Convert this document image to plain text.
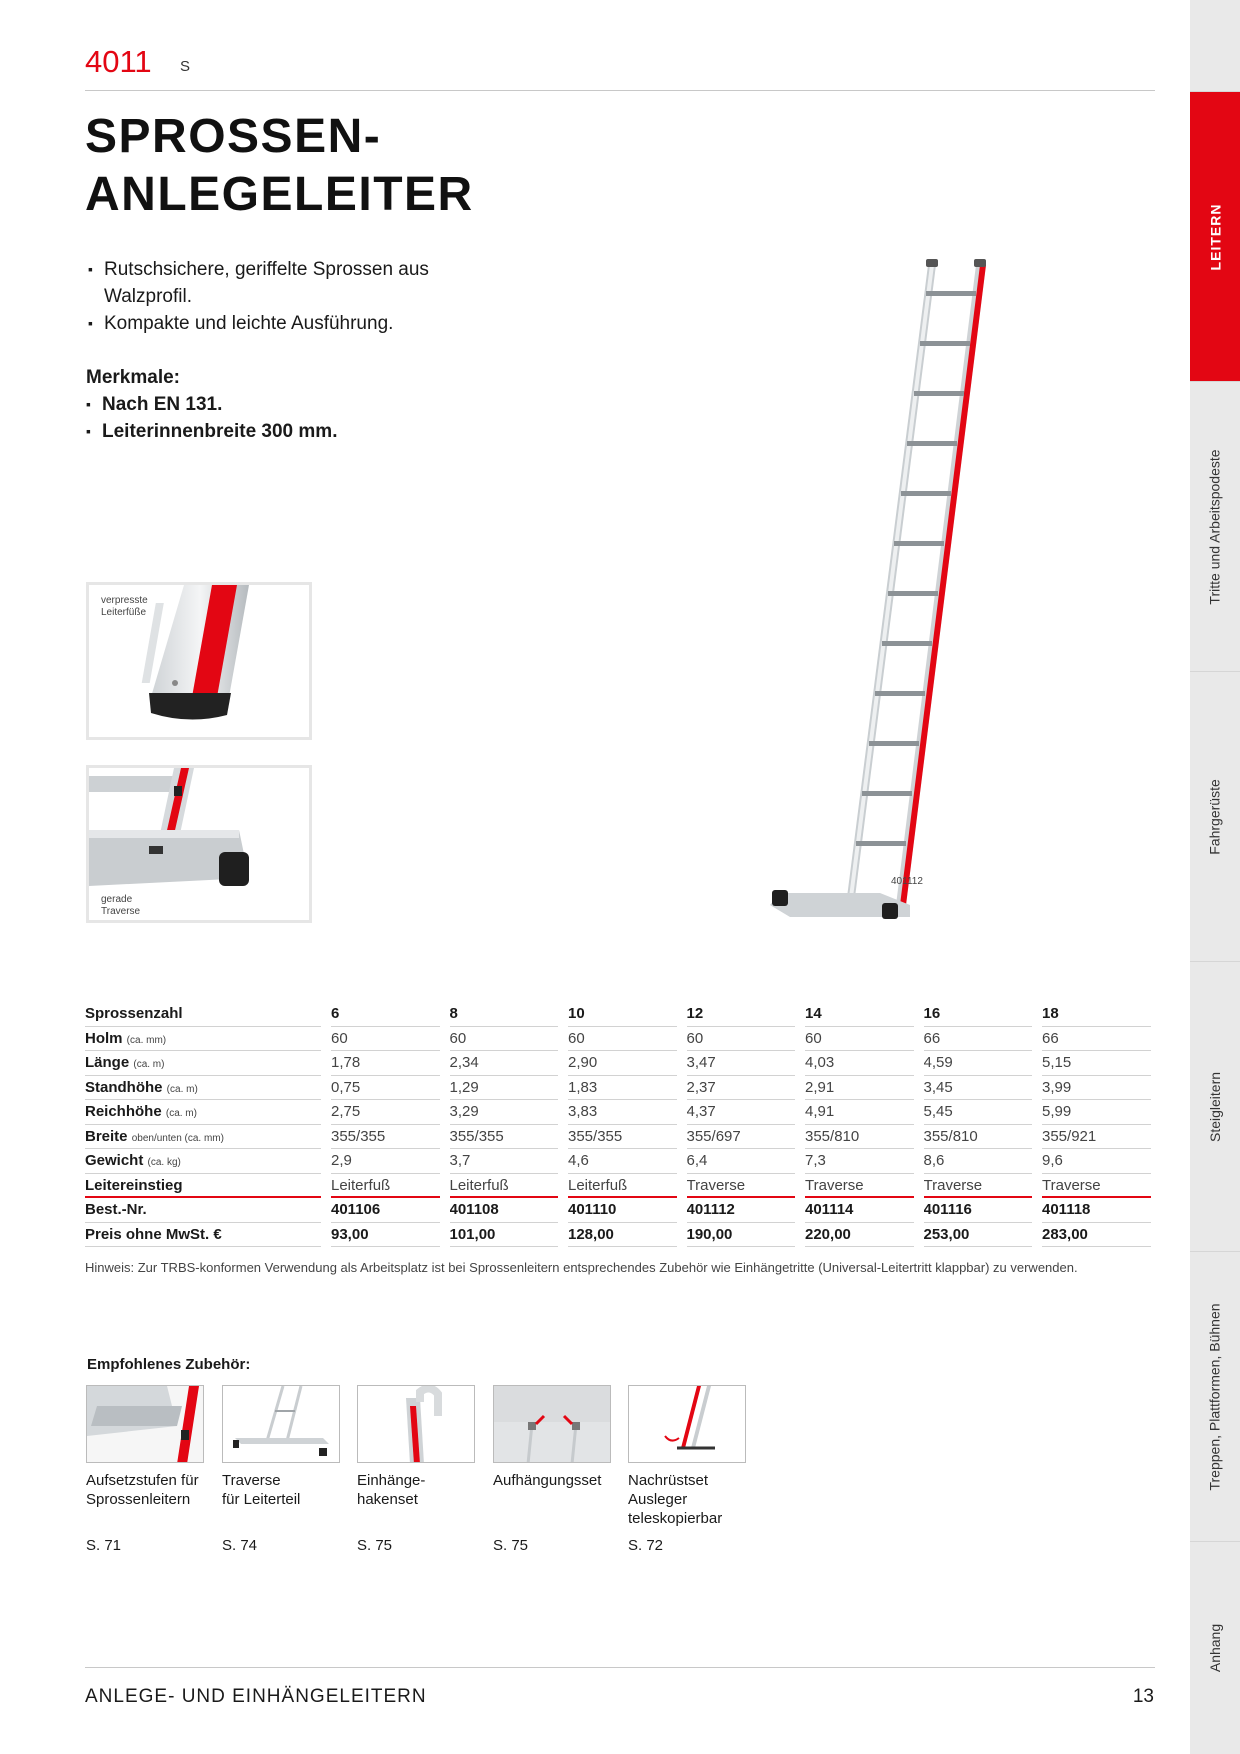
4011 S
SPROSSEN-
ANLEGELEITER
▪ Rutschsichere, geriffelte Sprossen aus
Walzprofil.
▪ Kompakte und leichte Ausführung.
Merkmale:
▪ Nach EN 131.
▪ Leiterinnenbreite 300 mm.
verpresste
Leiterfüße
gerade
Traverse
401112
Sprossenzahl	6	8	10	12	14	16	18
Holm (ca. mm)	60	60	60	60	60	66	66
Länge (ca. m)	1,78	2,34	2,90	3,47	4,03	4,59	5,15
Standhöhe (ca. m)	0,75	1,29	1,83	2,37	2,91	3,45	3,99
Reichhöhe (ca. m)	2,75	3,29	3,83	4,37	4,91	5,45	5,99
Breite oben/unten (ca. mm)	355/355	355/355	355/355	355/697	355/810	355/810	355/921
Gewicht (ca. kg)	2,9	3,7	4,6	6,4	7,3	8,6	9,6
Leitereinstieg	Leiterfuß	Leiterfuß	Leiterfuß	Traverse	Traverse	Traverse	Traverse
Best.-Nr.	401106	401108	401110	401112	401114	401116	401118
Preis ohne MwSt. €	93,00	101,00	128,00	190,00	220,00	253,00	283,00
Hinweis: Zur TRBS-konformen Verwendung als Arbeitsplatz ist bei Sprossenleitern entsprechendes Zubehör wie Einhängetritte (Universal-Leitertritt klappbar) zu verwenden.
Empfohlenes Zubehör:
Aufsetzstufen für
Sprossenleitern
S. 71
Traverse
für Leiterteil
S. 74
Einhänge-
hakenset
S. 75
Aufhängungsset
S. 75
Nachrüstset
Ausleger
teleskopierbar
S. 72
ANLEGE- UND EINHÄNGELEITERN	13
LEITERN
Tritte und Arbeitspodeste
Fahrgerüste
Steigleitern
Treppen, Plattformen, Bühnen
Anhang
